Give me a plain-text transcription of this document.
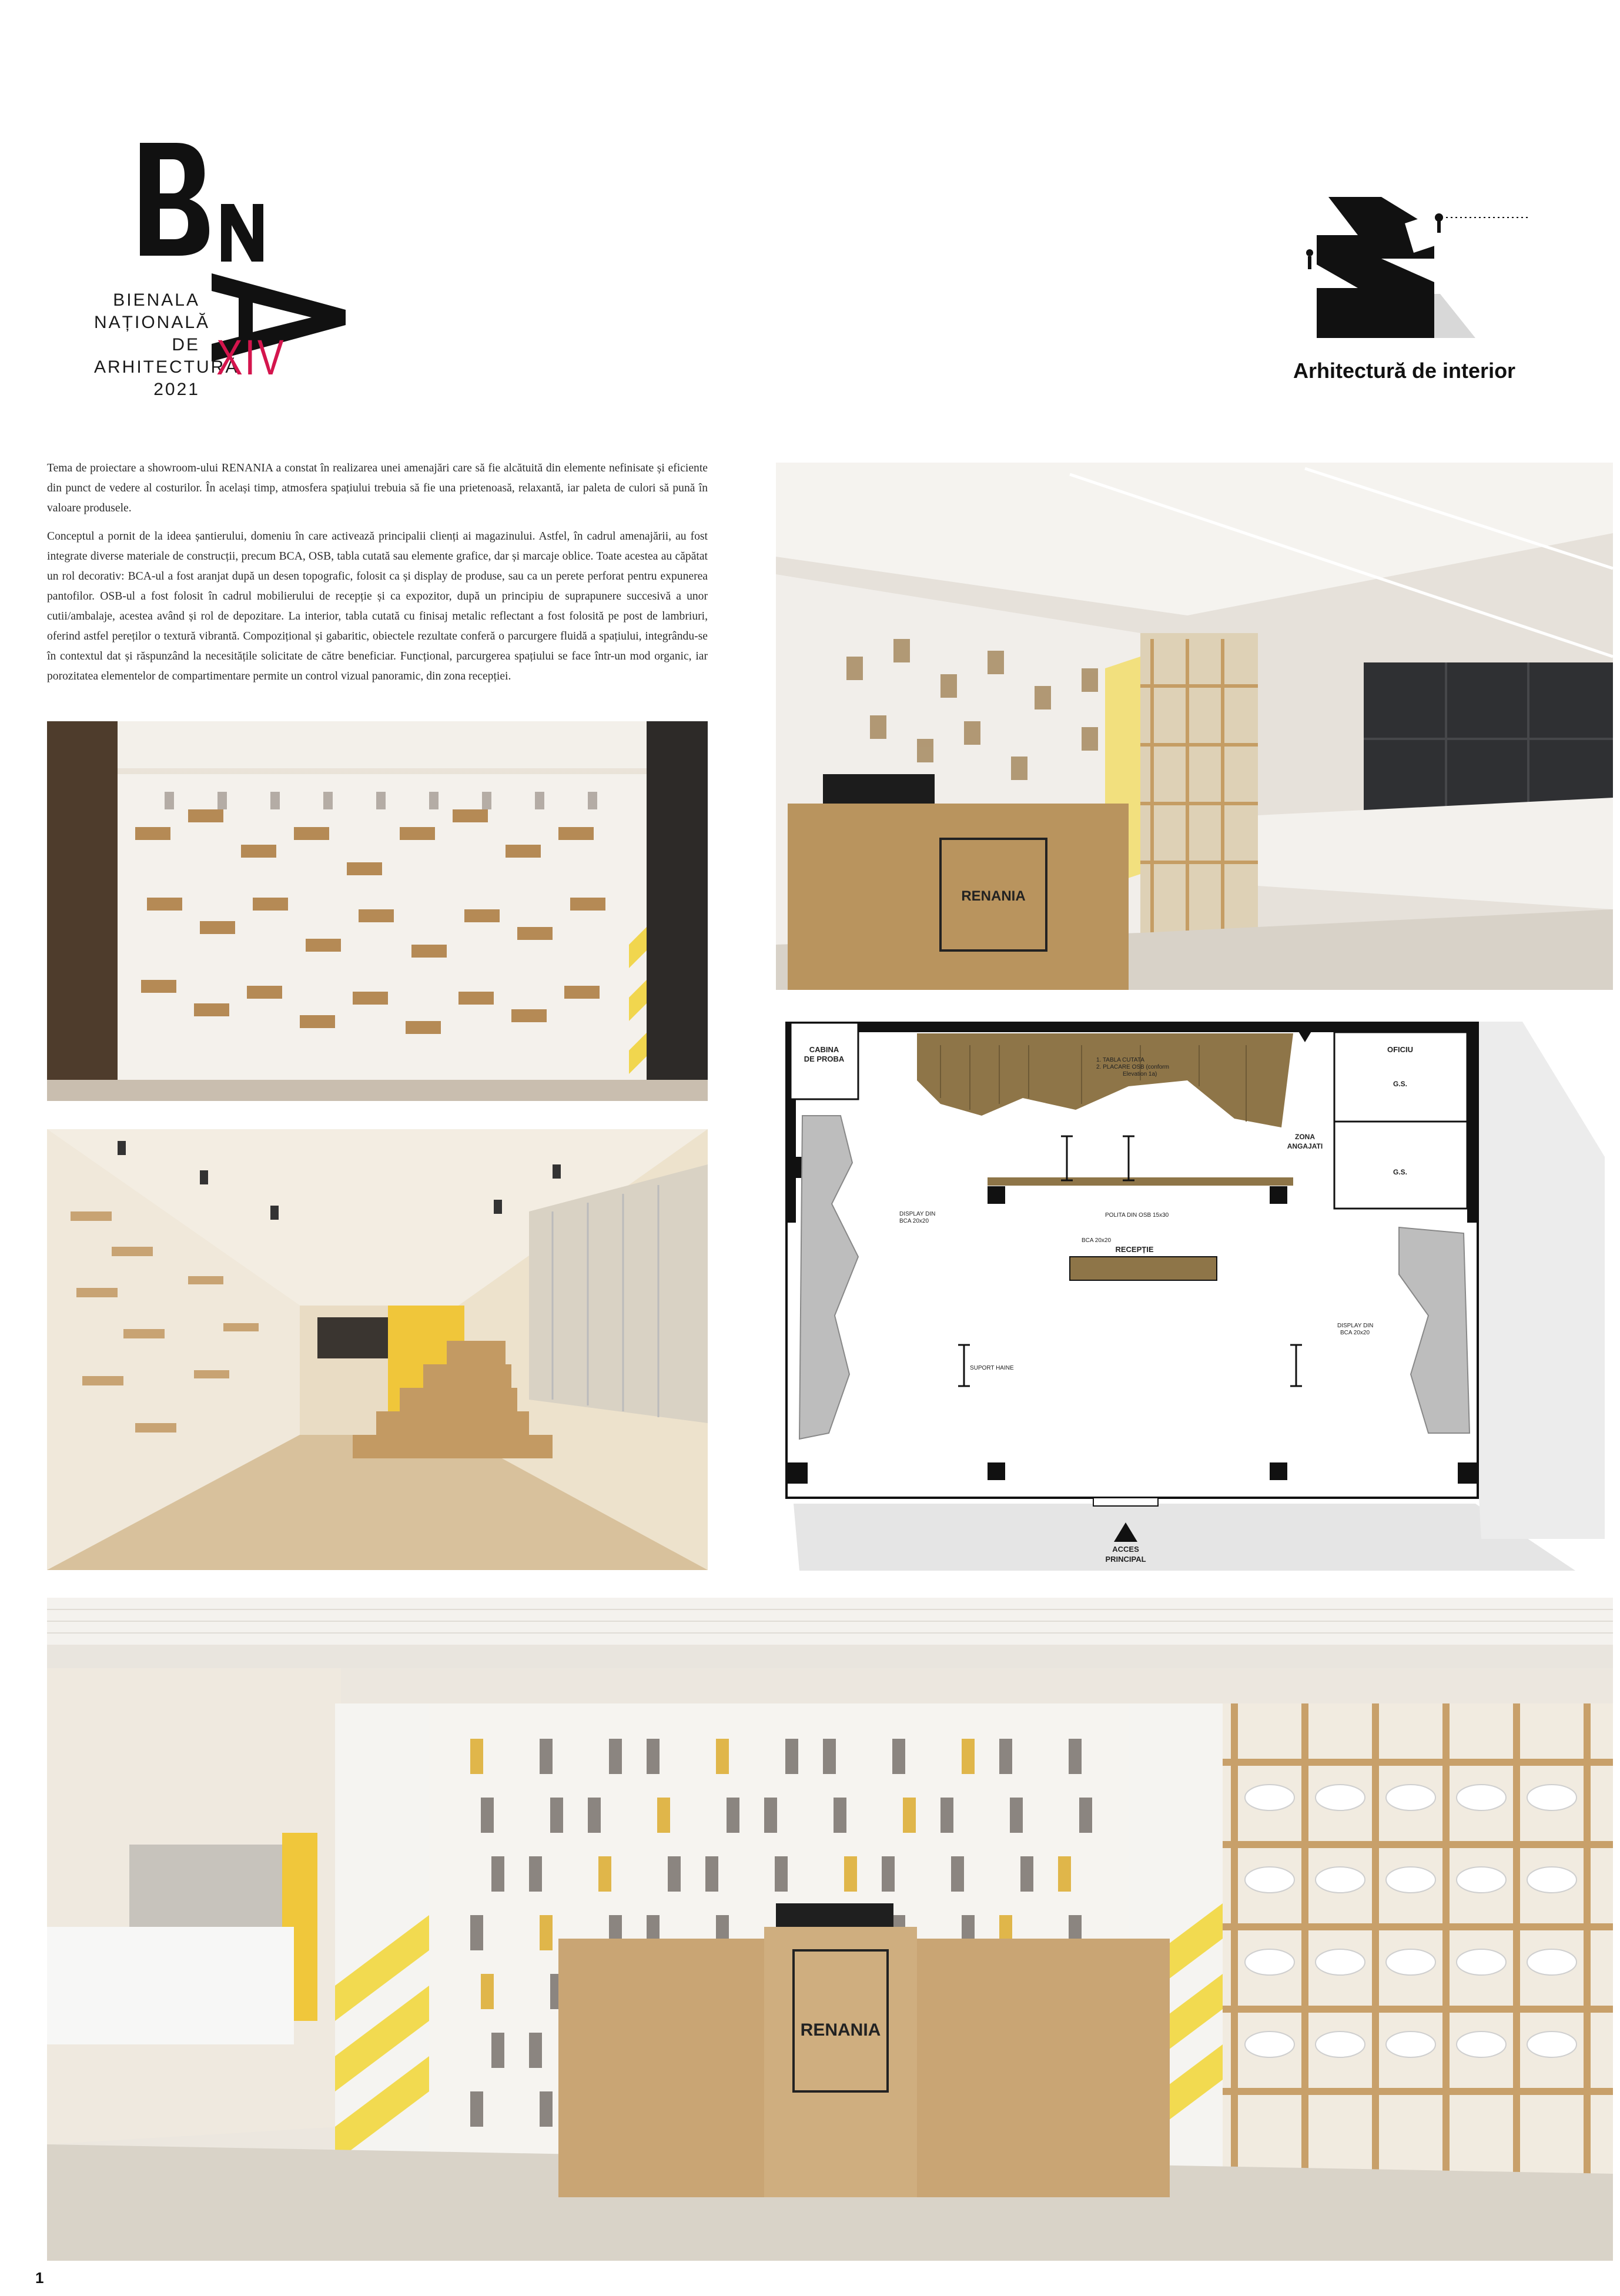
BIENALA
NAȚIONALĂ
DE
ARHITECTURĂ
2021
XIV	Arhitectură de interior

Tema de proiectare a showroom-ului RENANIA a constat în realizarea unei amenajări care să fie alcătuită din elemente nefinisate și eficiente din punct de vedere al costurilor. În același timp, atmosfera spațiului trebuia să fie una prietenoasă, relaxantă, iar paleta de culori să pună în valoare produsele.

Conceptul a pornit de la ideea șantierului, domeniu în care activează principalii clienți ai magazinului. Astfel, în cadrul amenajării, au fost integrate diverse materiale de construcții, precum BCA, OSB, tabla cutată sau elemente grafice, dar și marcaje oblice. Toate acestea au căpătat un rol decorativ: BCA-ul a fost aranjat după un desen topografic, folosit ca și display de produse, sau ca un perete perforat pentru expunerea pantofilor. OSB-ul a fost folosit în cadrul mobilierului de recepție și ca expozitor, după un principiu de suprapunere succesivă a unor cutii/ambalaje, acestea având și rol de depozitare. La interior, tabla cutată cu finisaj metalic reflectant a fost folosită pe post de lambriuri, oferind astfel pereților o textură vibrantă. Compozițional și gabaritic, obiectele rezultate conferă o parcurgere fluidă a spațiului, integrându-se în contextul dat și răspunzând la necesitățile solicitate de către beneficiar. Funcțional, parcurgerea spațiului se face într-un mod organic, iar porozitatea elementelor de compartimentare permite un control vizual panoramic, din zona recepției.

RENANIA
CABINA
DE PROBA
OFICIU
G.S.
G.S.
ZONA
ANGAJATI
1. TABLA CUTATA
2. PLACARE OSB (conform
Elevation 1a)
DISPLAY DIN
BCA 20x20
POLITA DIN OSB 15x30
BCA 20x20
RECEPȚIE
DISPLAY DIN
BCA 20x20
SUPORT HAINE
ACCES
PRINCIPAL
RENANIA
1
